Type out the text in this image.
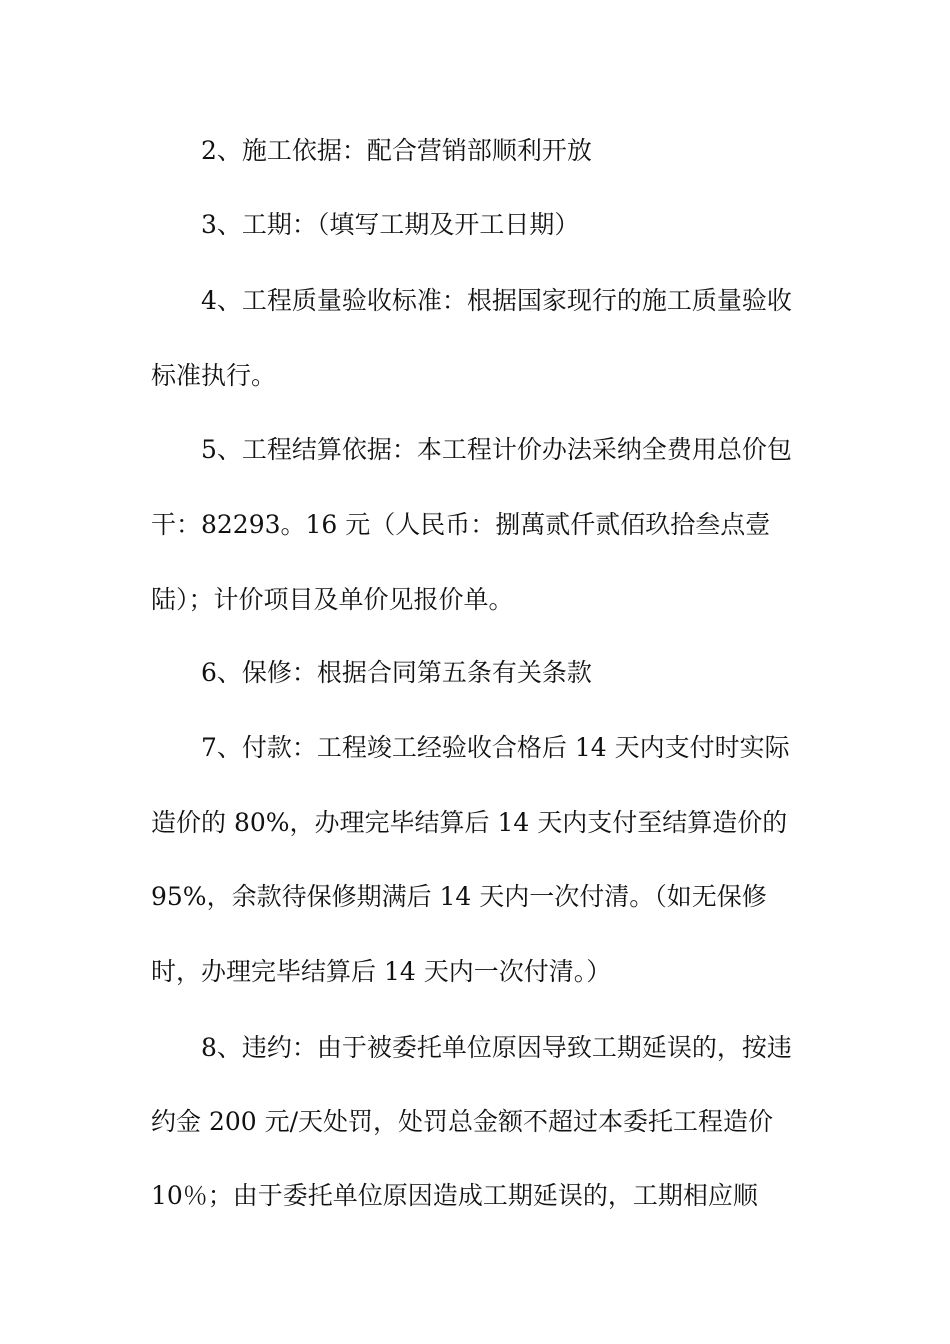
2、施工依据：配合营销部顺利开放
3、工期：（填写工期及开工日期）
4、工程质量验收标准：根据国家现行的施工质量验收
标准执行。
5、工程结算依据：本工程计价办法采纳全费用总价包
干：82293。16 元（人民币：捌萬贰仟贰佰玖拾叁点壹
陆）；计价项目及单价见报价单。
6、保修：根据合同第五条有关条款
7、付款：工程竣工经验收合格后 14 天内支付时实际
造价的 80%，办理完毕结算后 14 天内支付至结算造价的
95%，余款待保修期满后 14 天内一次付清。（如无保修
时，办理完毕结算后 14 天内一次付清。）
8、违约：由于被委托单位原因导致工期延误的，按违
约金 200 元/天处罚，处罚总金额不超过本委托工程造价
10％；由于委托单位原因造成工期延误的，工期相应顺
